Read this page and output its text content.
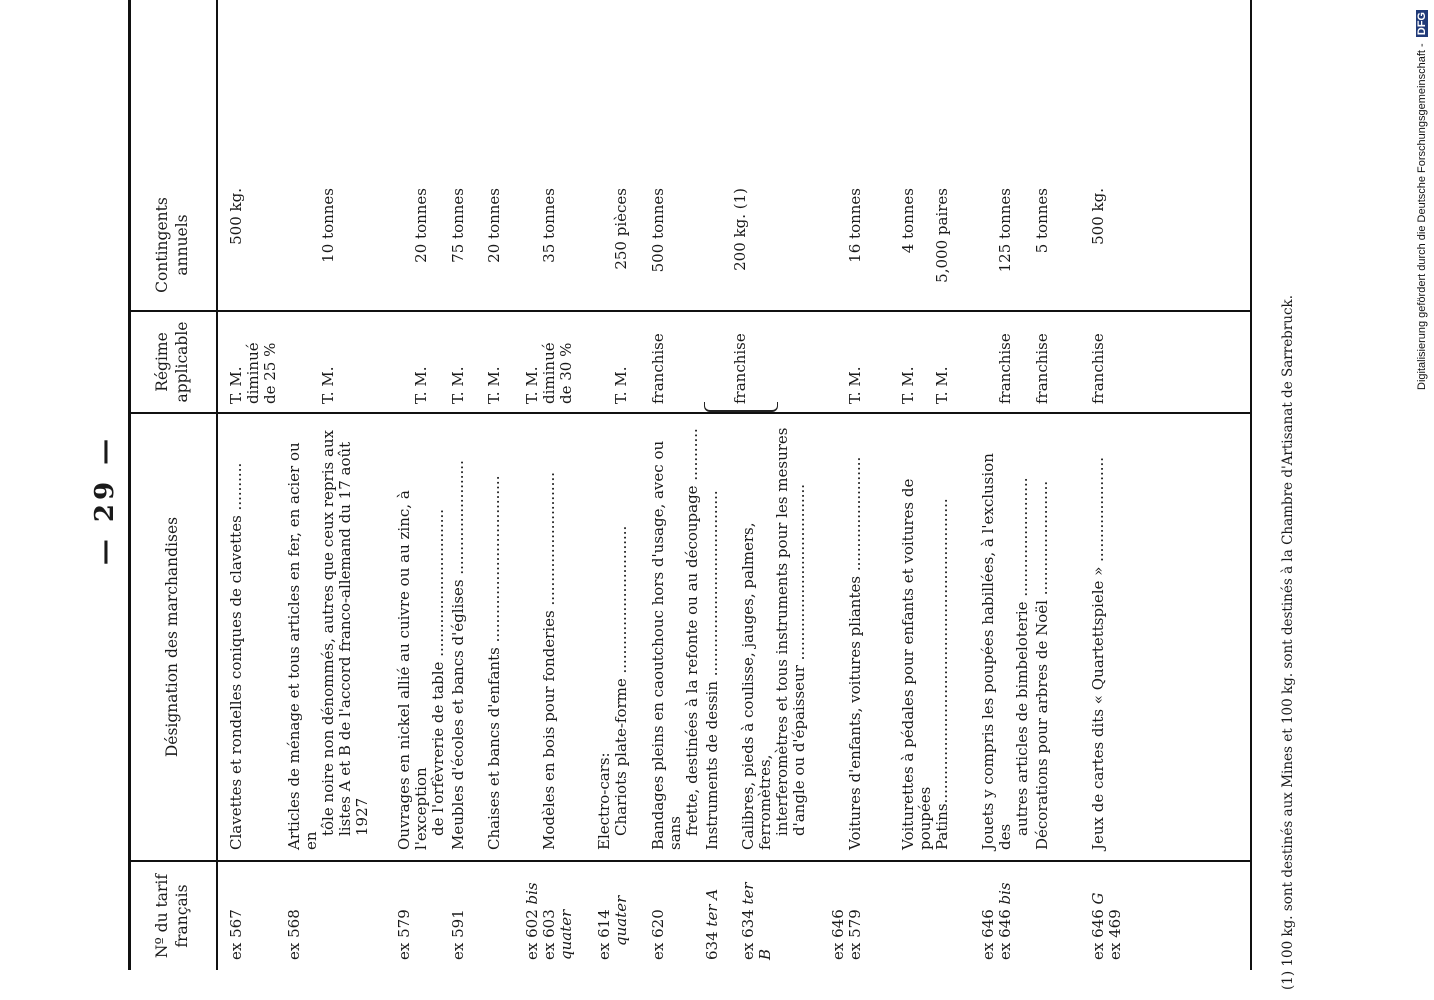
Digitalisierung gefördert durch die Deutsche Forschungsgemeinschaft - DFG
— 29 —
Nº du tarif français
Désignation des marchandises
Régime applicable
Contingents annuels
ex 567
Clavettes et rondelles coniques de clavettes ..........
T. M. diminué de 25 %
500 kg.
ex 568
Articles de ménage et tous articles en fer, en acier ou en
tôle noire non dénommés, autres que ceux repris aux listes A et B de l'accord franco-allemand du 17 août 1927
T. M.
10 tonnes
ex 579
Ouvrages en nickel allié au cuivre ou au zinc, à l'exception de l'orfèvrerie de table ...............................
T. M.
20 tonnes
ex 591
Meubles d'écoles et bancs d'églises ........................
T. M.
75 tonnes
Chaises et bancs d'enfants ...................................
T. M.
20 tonnes
ex 602 bis
ex 603 quater
Modèles en bois pour fonderies ............................
T. M. diminué de 30 %
35 tonnes
ex 614 quater
Electro-cars: Chariots plate-forme ...............................
T. M.
250 pièces
ex 620
Bandages pleins en caoutchouc hors d'usage, avec ou sans frette, destinées à la refonte ou au découpage ...........
franchise
500 tonnes
634 ter A
Instruments de dessin .......................................
ex 634 ter B
Calibres, pieds à coulisse, jauges, palmers, ferromètres, interferomètres et tous instruments pour les mesures d'angle ou d'épaisseur .....................................
franchise
200 kg. (1)
ex 646 ex 579
Voitures d'enfants, voitures pliantes ........................
T. M.
16 tonnes
Voiturettes à pédales pour enfants et voitures de poupées
T. M.
4 tonnes
Patins................................................................
T. M.
5,000 paires
ex 646 ex 646 bis
Jouets y compris les poupées habillées, à l'exclusion des
autres articles de bimbeloterie .........................
franchise
125 tonnes
Décorations pour arbres de Noël ........................
franchise
5 tonnes
ex 646 G
ex 469
Jeux de cartes dits « Quartettspiele » ......................
franchise
500 kg.
(1) 100 kg. sont destinés aux Mines et 100 kg. sont destinés à la Chambre d'Artisanat de Sarrebruck.
